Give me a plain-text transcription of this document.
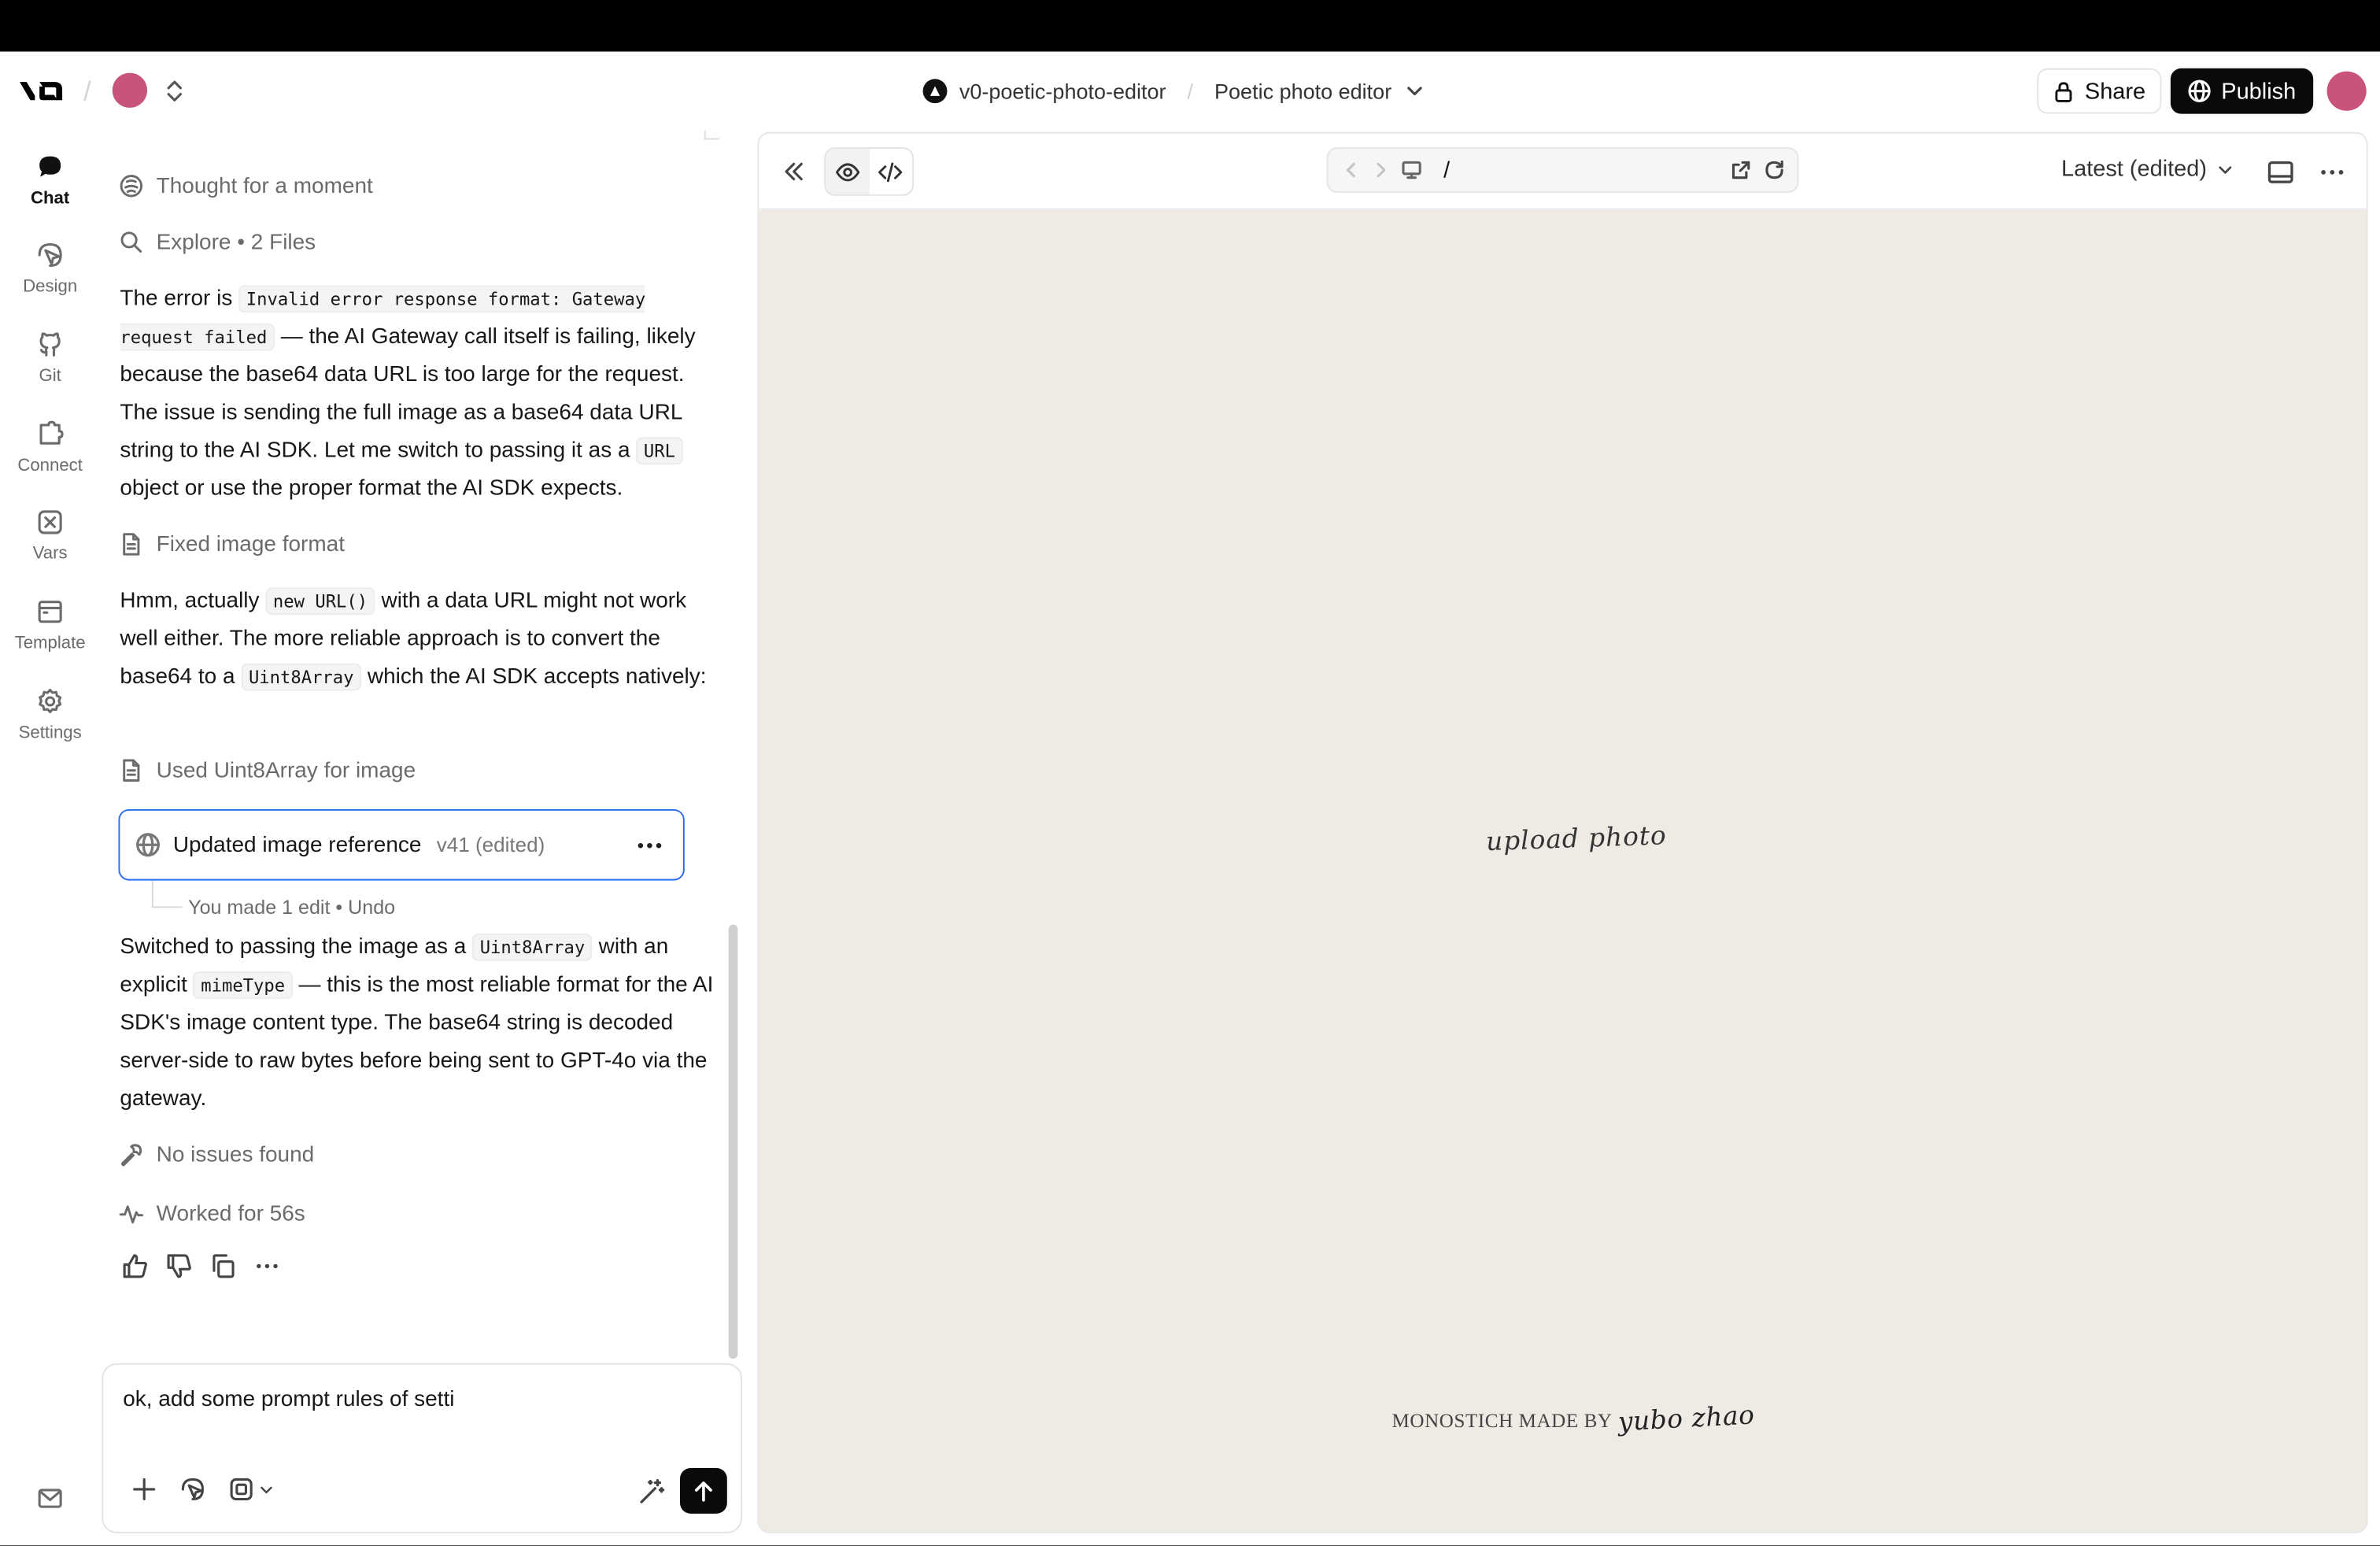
/	v0-poetic-photo-editor / Poetic photo editor	Share	Publish
Chat
Design
Git
Connect
Vars
Template
Settings
Thought for a moment
Explore • 2 Files
The error is Invalid error response format: Gateway request failed — the AI Gateway call itself is failing, likely because the base64 data URL is too large for the request. The issue is sending the full image as a base64 data URL string to the AI SDK. Let me switch to passing it as a URL object or use the proper format the AI SDK expects.
Fixed image format
Hmm, actually new URL() with a data URL might not work well either. The more reliable approach is to convert the base64 to a Uint8Array which the AI SDK accepts natively:
Used Uint8Array for image
Updated image reference v41 (edited)
You made 1 edit • Undo
Switched to passing the image as a Uint8Array with an explicit mimeType — this is the most reliable format for the AI SDK's image content type. The base64 string is decoded server-side to raw bytes before being sent to GPT-4o via the gateway.
No issues found
Worked for 56s
ok, add some prompt rules of setti
/	Latest (edited)
upload photo
MONOSTICH MADE BY yubo zhao
